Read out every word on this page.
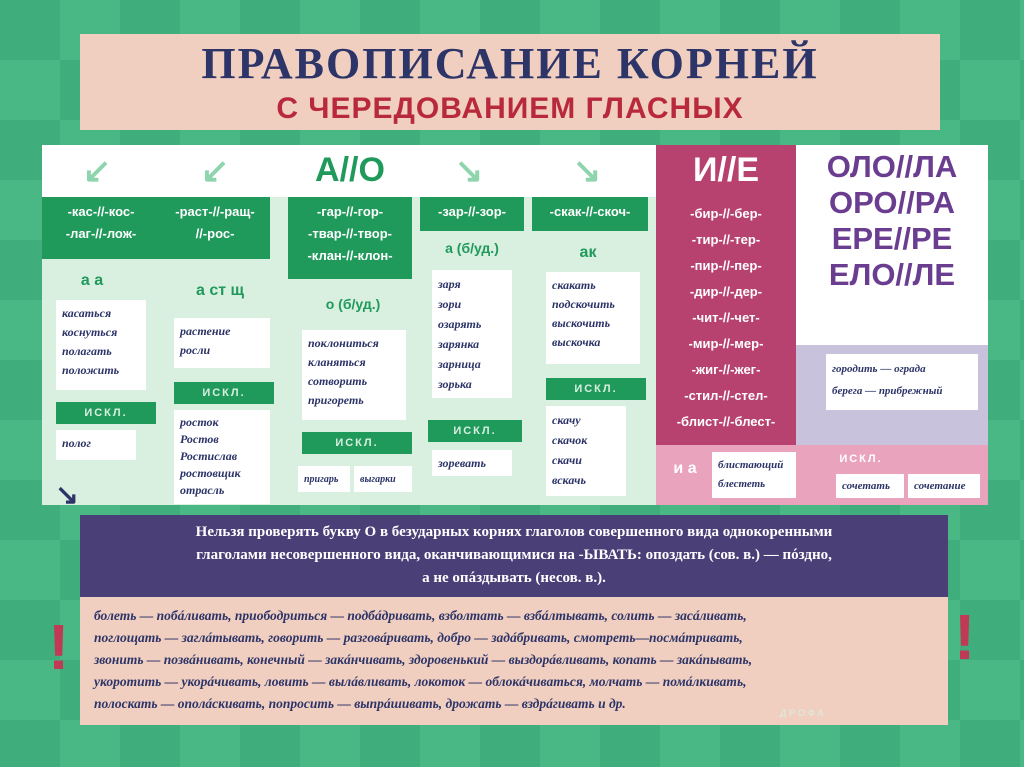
ПРАВОПИСАНИЕ КОРНЕЙ
С ЧЕРЕДОВАНИЕМ ГЛАСНЫХ
ОЛО//ЛА
ОРО//РА
ЕРЕ//РЕ
ЕЛО//ЛЕ
А//О	И//Е
↙	↙	↘	↘
-кас-//-кос-
-лаг-//-лож-
а а
касаться
коснуться
полагать
положить
ИСКЛ.
полог
-раст-//-ращ-
//-рос-
а ст щ
растение
росли
ИСКЛ.
росток
Ростов
Ростислав
ростовщик
отрасль
-гар-//-гор-
-твар-//-твор-
-клан-//-клон-
о (б/уд.)
поклониться
кланяться
сотворить
пригореть
ИСКЛ.
пригарь	выгарки
-зар-//-зор-
а (б/уд.)
заря
зори
озарять
зарянка
зарница
зорька
ИСКЛ.
зоревать
-скак-//-скоч-
ак
скакать
подскочить
выскочить
выскочка
ИСКЛ.
скачу
скачок
скачи
вскачь
-бир-//-бер-
-тир-//-тер-
-пир-//-пер-
-дир-//-дер-
-чит-//-чет-
-мир-//-мер-
-жиг-//-жег-
-стил-//-стел-
-блист-//-блест-
и а	блистающий
блестеть
городить — ограда
берега — прибрежный
ИСКЛ.
сочетать	сочетание
↘
Нельзя проверять букву О в безударных корнях глаголов совершенного вида однокоренными
глаголами несовершенного вида, оканчивающимися на -ЫВАТЬ: опоздать (сов. в.) — пóздно,
а не опáздывать (несов. в.).
!	!
болеть — побáливать, приободриться — подбáдривать, взболтать — взбáлтывать, солить — засáливать,
поглощать — заглáтывать, говорить — разговáривать, добро — задáбривать, смотреть—посмáтривать,
звонить — позвáнивать, конечный — закáнчивать, здоровенький — выздорáвливать, копать — закáпывать,
укоротить — укорáчивать, ловить — вылáвливать, локоток — облокáчиваться, молчать — помáлкивать,
полоскать — ополáскивать, попросить — выпрáшивать, дрожать — вздрáгивать и др.
ДРОФА
